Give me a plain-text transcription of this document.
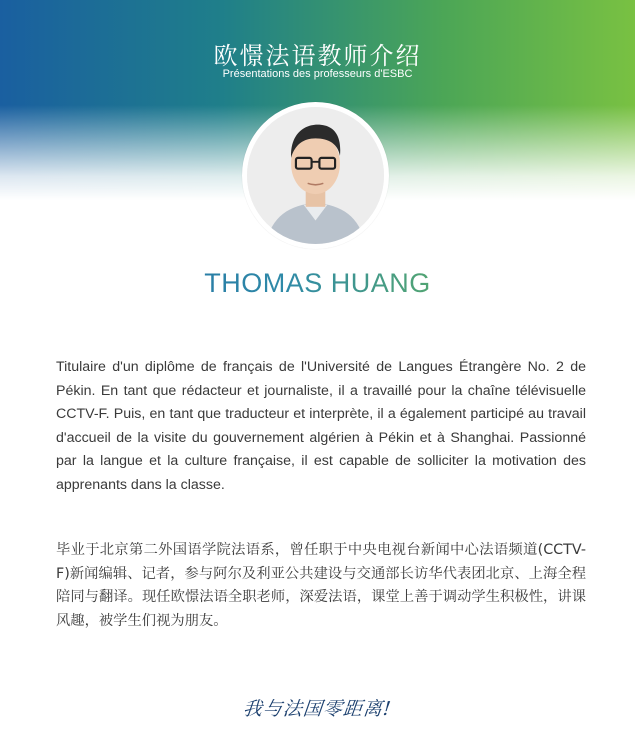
欧憬法语教师介绍
Présentations des professeurs d'ESBC
THOMAS HUANG

Titulaire d'un diplôme de français de l'Université de Langues Étrangère No. 2 de Pékin. En tant que rédacteur et journaliste, il a travaillé pour la chaîne télévisuelle CCTV-F. Puis, en tant que traducteur et interprète, il a également participé au travail d'accueil de la visite du gouvernement algérien à Pékin et à Shanghai. Passionné par la langue et la culture française, il est capable de solliciter la motivation des apprenants dans la classe.

毕业于北京第二外国语学院法语系，曾任职于中央电视台新闻中心法语频道(CCTV-F)新闻编辑、记者，参与阿尔及利亚公共建设与交通部长访华代表团北京、上海全程陪同与翻译。现任欧憬法语全职老师，深爱法语，课堂上善于调动学生积极性，讲课风趣，被学生们视为朋友。

我与法国零距离!
